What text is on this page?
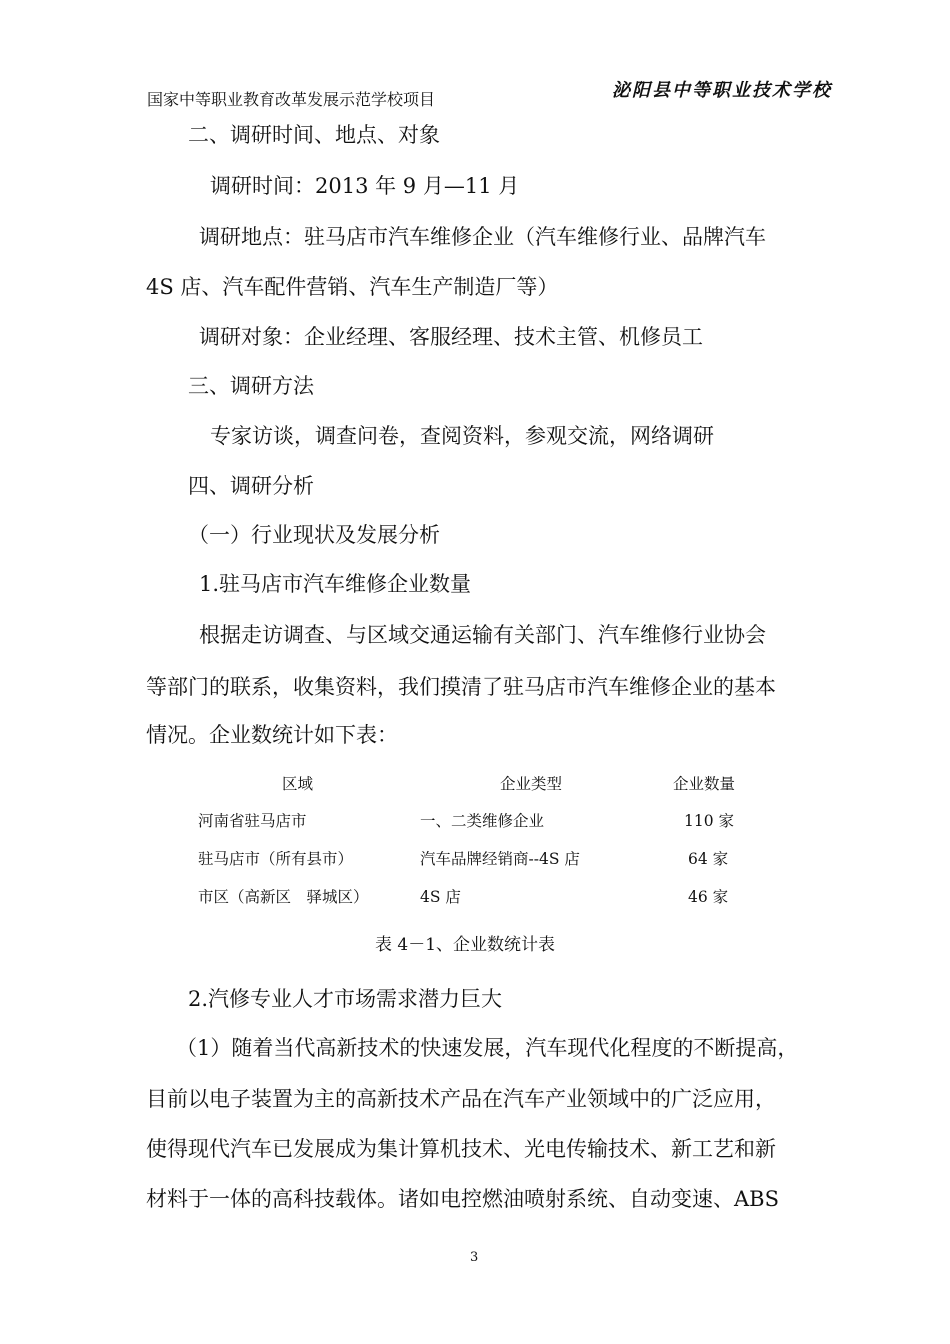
国家中等职业教育改革发展示范学校项目	泌阳县中等职业技术学校
二、调研时间、地点、对象
调研时间：2013 年 9 月—11 月
调研地点：驻马店市汽车维修企业（汽车维修行业、品牌汽车
4S 店、汽车配件营销、汽车生产制造厂等）
调研对象：企业经理、客服经理、技术主管、机修员工
三、调研方法
专家访谈，调查问卷，查阅资料，参观交流，网络调研
四、调研分析
（一）行业现状及发展分析
1.驻马店市汽车维修企业数量
根据走访调查、与区域交通运输有关部门、汽车维修行业协会
等部门的联系，收集资料，我们摸清了驻马店市汽车维修企业的基本
情况。企业数统计如下表：
区域	企业类型	企业数量
河南省驻马店市	一、二类维修企业	110 家
驻马店市（所有县市）	汽车品牌经销商--4S 店	64 家
市区（高新区　驿城区）	4S 店	46 家
表 4－1、企业数统计表
2.汽修专业人才市场需求潜力巨大
（1）随着当代高新技术的快速发展，汽车现代化程度的不断提高，
目前以电子装置为主的高新技术产品在汽车产业领域中的广泛应用，
使得现代汽车已发展成为集计算机技术、光电传输技术、新工艺和新
材料于一体的高科技载体。诸如电控燃油喷射系统、自动变速、ABS
3
